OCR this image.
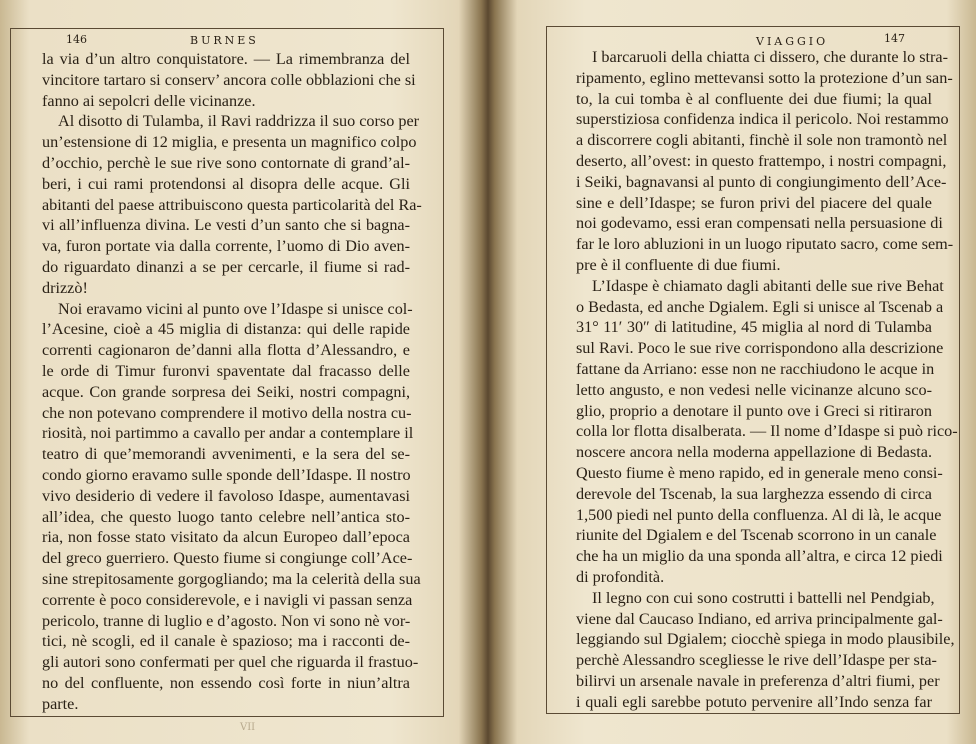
146	BURNES
la via d’un altro conquistatore. — La rimembranza del
vincitore tartaro si conserv’ ancora colle obblazioni che si
fanno ai sepolcri delle vicinanze.
Al disotto di Tulamba, il Ravi raddrizza il suo corso per
un’estensione di 12 miglia, e presenta un magnifico colpo
d’occhio, perchè le sue rive sono contornate di grand’al-
beri, i cui rami protendonsi al disopra delle acque. Gli
abitanti del paese attribuiscono questa particolarità del Ra-
vi all’influenza divina. Le vesti d’un santo che si bagna-
va, furon portate via dalla corrente, l’uomo di Dio aven-
do riguardato dinanzi a se per cercarle, il fiume si rad-
drizzò!
Noi eravamo vicini al punto ove l’Idaspe si unisce col-
l’Acesine, cioè a 45 miglia di distanza: qui delle rapide
correnti cagionaron de’danni alla flotta d’Alessandro, e
le orde di Timur furonvi spaventate dal fracasso delle
acque. Con grande sorpresa dei Seiki, nostri compagni,
che non potevano comprendere il motivo della nostra cu-
riosità, noi partimmo a cavallo per andar a contemplare il
teatro di que’memorandi avvenimenti, e la sera del se-
condo giorno eravamo sulle sponde dell’Idaspe. Il nostro
vivo desiderio di vedere il favoloso Idaspe, aumentavasi
all’idea, che questo luogo tanto celebre nell’antica sto-
ria, non fosse stato visitato da alcun Europeo dall’epoca
del greco guerriero. Questo fiume si congiunge coll’Ace-
sine strepitosamente gorgogliando; ma la celerità della sua
corrente è poco considerevole, e i navigli vi passan senza
pericolo, tranne di luglio e d’agosto. Non vi sono nè vor-
tici, nè scogli, ed il canale è spazioso; ma i racconti de-
gli autori sono confermati per quel che riguarda il frastuo-
no del confluente, non essendo così forte in niun’altra
parte.
VII
VIAGGIO	147
I barcaruoli della chiatta ci dissero, che durante lo stra-
ripamento, eglino mettevansi sotto la protezione d’un san-
to, la cui tomba è al confluente dei due fiumi; la qual
superstiziosa confidenza indica il pericolo. Noi restammo
a discorrere cogli abitanti, finchè il sole non tramontò nel
deserto, all’ovest: in questo frattempo, i nostri compagni,
i Seiki, bagnavansi al punto di congiungimento dell’Ace-
sine e dell’Idaspe; se furon privi del piacere del quale
noi godevamo, essi eran compensati nella persuasione di
far le loro abluzioni in un luogo riputato sacro, come sem-
pre è il confluente di due fiumi.
L’Idaspe è chiamato dagli abitanti delle sue rive Behat
o Bedasta, ed anche Dgialem. Egli si unisce al Tscenab a
31° 11′ 30″ di latitudine, 45 miglia al nord di Tulamba
sul Ravi. Poco le sue rive corrispondono alla descrizione
fattane da Arriano: esse non ne racchiudono le acque in
letto angusto, e non vedesi nelle vicinanze alcuno sco-
glio, proprio a denotare il punto ove i Greci si ritiraron
colla lor flotta disalberata. — Il nome d’Idaspe si può rico-
noscere ancora nella moderna appellazione di Bedasta.
Questo fiume è meno rapido, ed in generale meno consi-
derevole del Tscenab, la sua larghezza essendo di circa
1,500 piedi nel punto della confluenza. Al di là, le acque
riunite del Dgialem e del Tscenab scorrono in un canale
che ha un miglio da una sponda all’altra, e circa 12 piedi
di profondità.
Il legno con cui sono costrutti i battelli nel Pendgiab,
viene dal Caucaso Indiano, ed arriva principalmente gal-
leggiando sul Dgialem; ciocchè spiega in modo plausibile,
perchè Alessandro scegliesse le rive dell’Idaspe per sta-
bilirvi un arsenale navale in preferenza d’altri fiumi, per
i quali egli sarebbe potuto pervenire all’Indo senza far
